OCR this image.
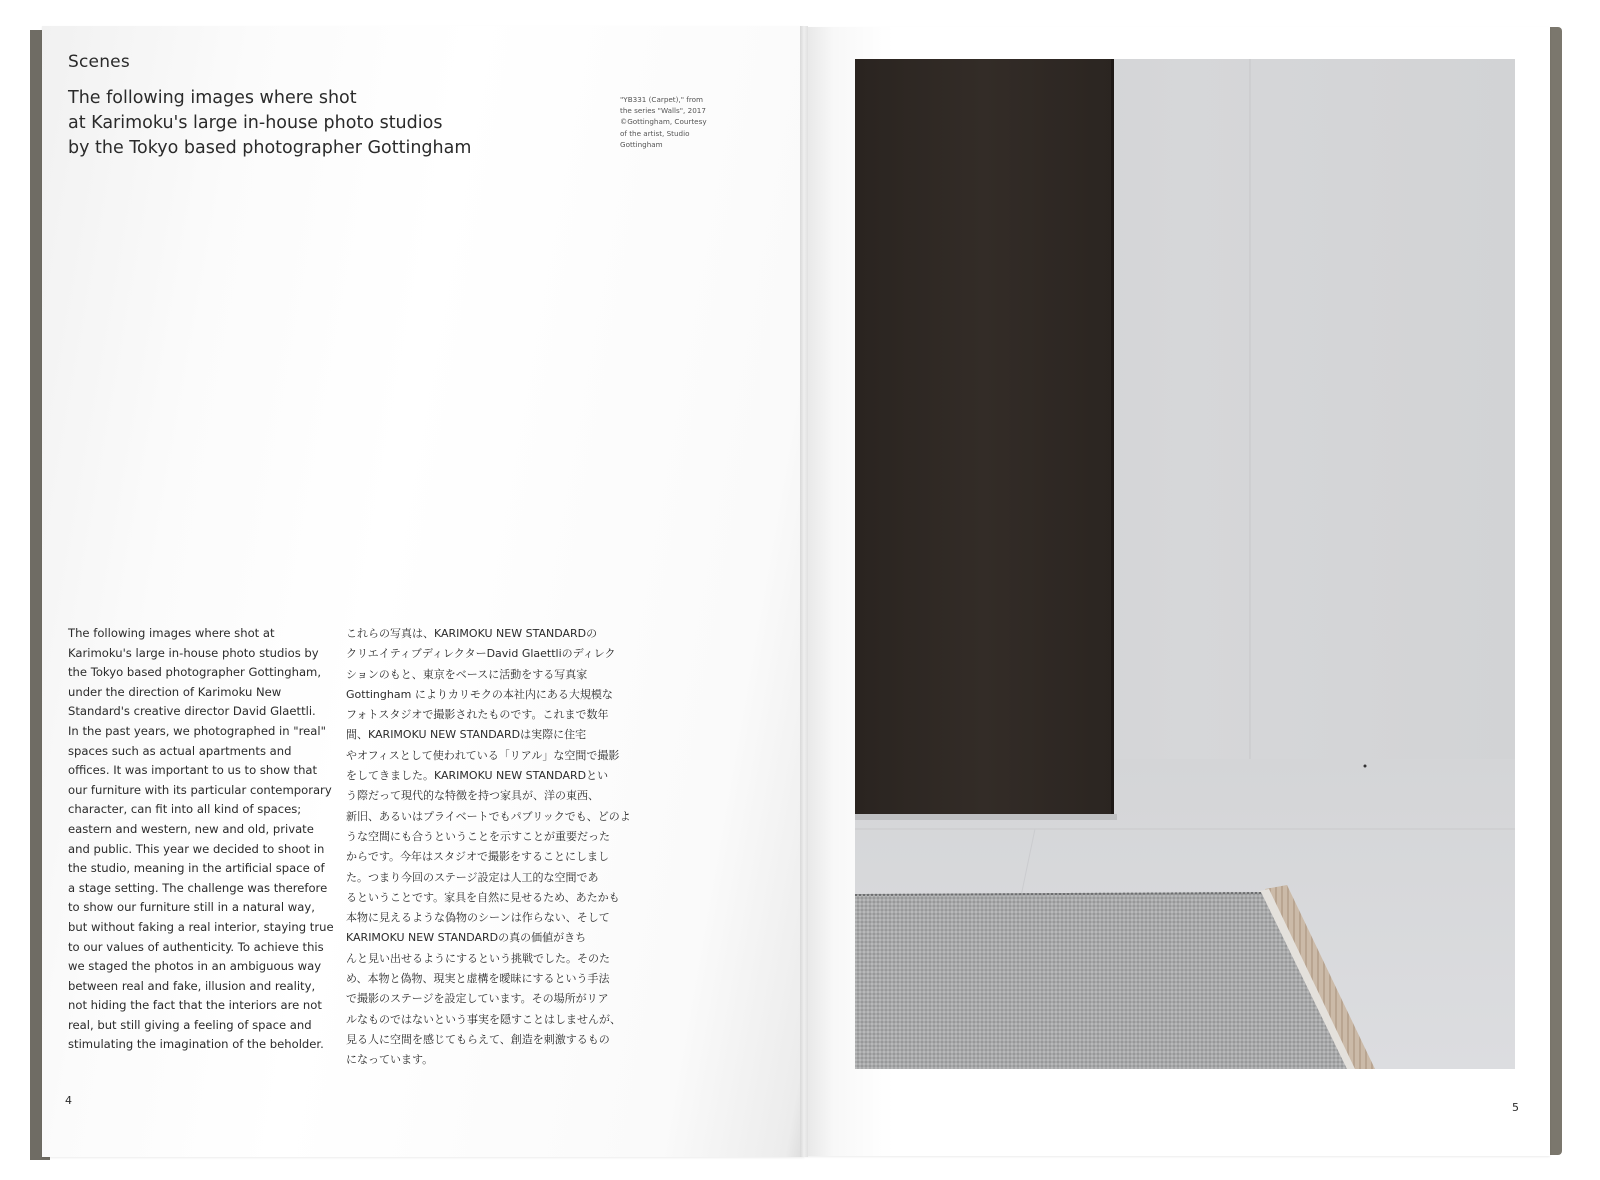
Scenes
The following images where shot
at Karimoku's large in-house photo studios
by the Tokyo based photographer Gottingham
"YB331 (Carpet)," from
the series "Walls", 2017
©Gottingham, Courtesy
of the artist, Studio
Gottingham
The following images where shot at
Karimoku's large in-house photo studios by
the Tokyo based photographer Gottingham,
under the direction of Karimoku New
Standard's creative director David Glaettli.
In the past years, we photographed in "real"
spaces such as actual apartments and
offices. It was important to us to show that
our furniture with its particular contemporary
character, can fit into all kind of spaces;
eastern and western, new and old, private
and public. This year we decided to shoot in
the studio, meaning in the artificial space of
a stage setting. The challenge was therefore
to show our furniture still in a natural way,
but without faking a real interior, staying true
to our values of authenticity. To achieve this
we staged the photos in an ambiguous way
between real and fake, illusion and reality,
not hiding the fact that the interiors are not
real, but still giving a feeling of space and
stimulating the imagination of the beholder.
これらの写真は、KARIMOKU NEW STANDARDの
クリエイティブディレクターDavid Glaettliのディレク
ションのもと、東京をベースに活動をする写真家
Gottingham によりカリモクの本社内にある大規模な
フォトスタジオで撮影されたものです。これまで数年
間、KARIMOKU NEW STANDARDは実際に住宅
やオフィスとして使われている「リアル」な空間で撮影
をしてきました。KARIMOKU NEW STANDARDとい
う際だって現代的な特徴を持つ家具が、洋の東西、
新旧、あるいはプライベートでもパブリックでも、どのよ
うな空間にも合うということを示すことが重要だった
からです。今年はスタジオで撮影をすることにしまし
た。つまり今回のステージ設定は人工的な空間であ
るということです。家具を自然に見せるため、あたかも
本物に見えるような偽物のシーンは作らない、そして
KARIMOKU NEW STANDARDの真の価値がきち
んと見い出せるようにするという挑戦でした。そのた
め、本物と偽物、現実と虚構を曖昧にするという手法
で撮影のステージを設定しています。その場所がリア
ルなものではないという事実を隠すことはしませんが、
見る人に空間を感じてもらえて、創造を刺激するもの
になっています。
4
5
